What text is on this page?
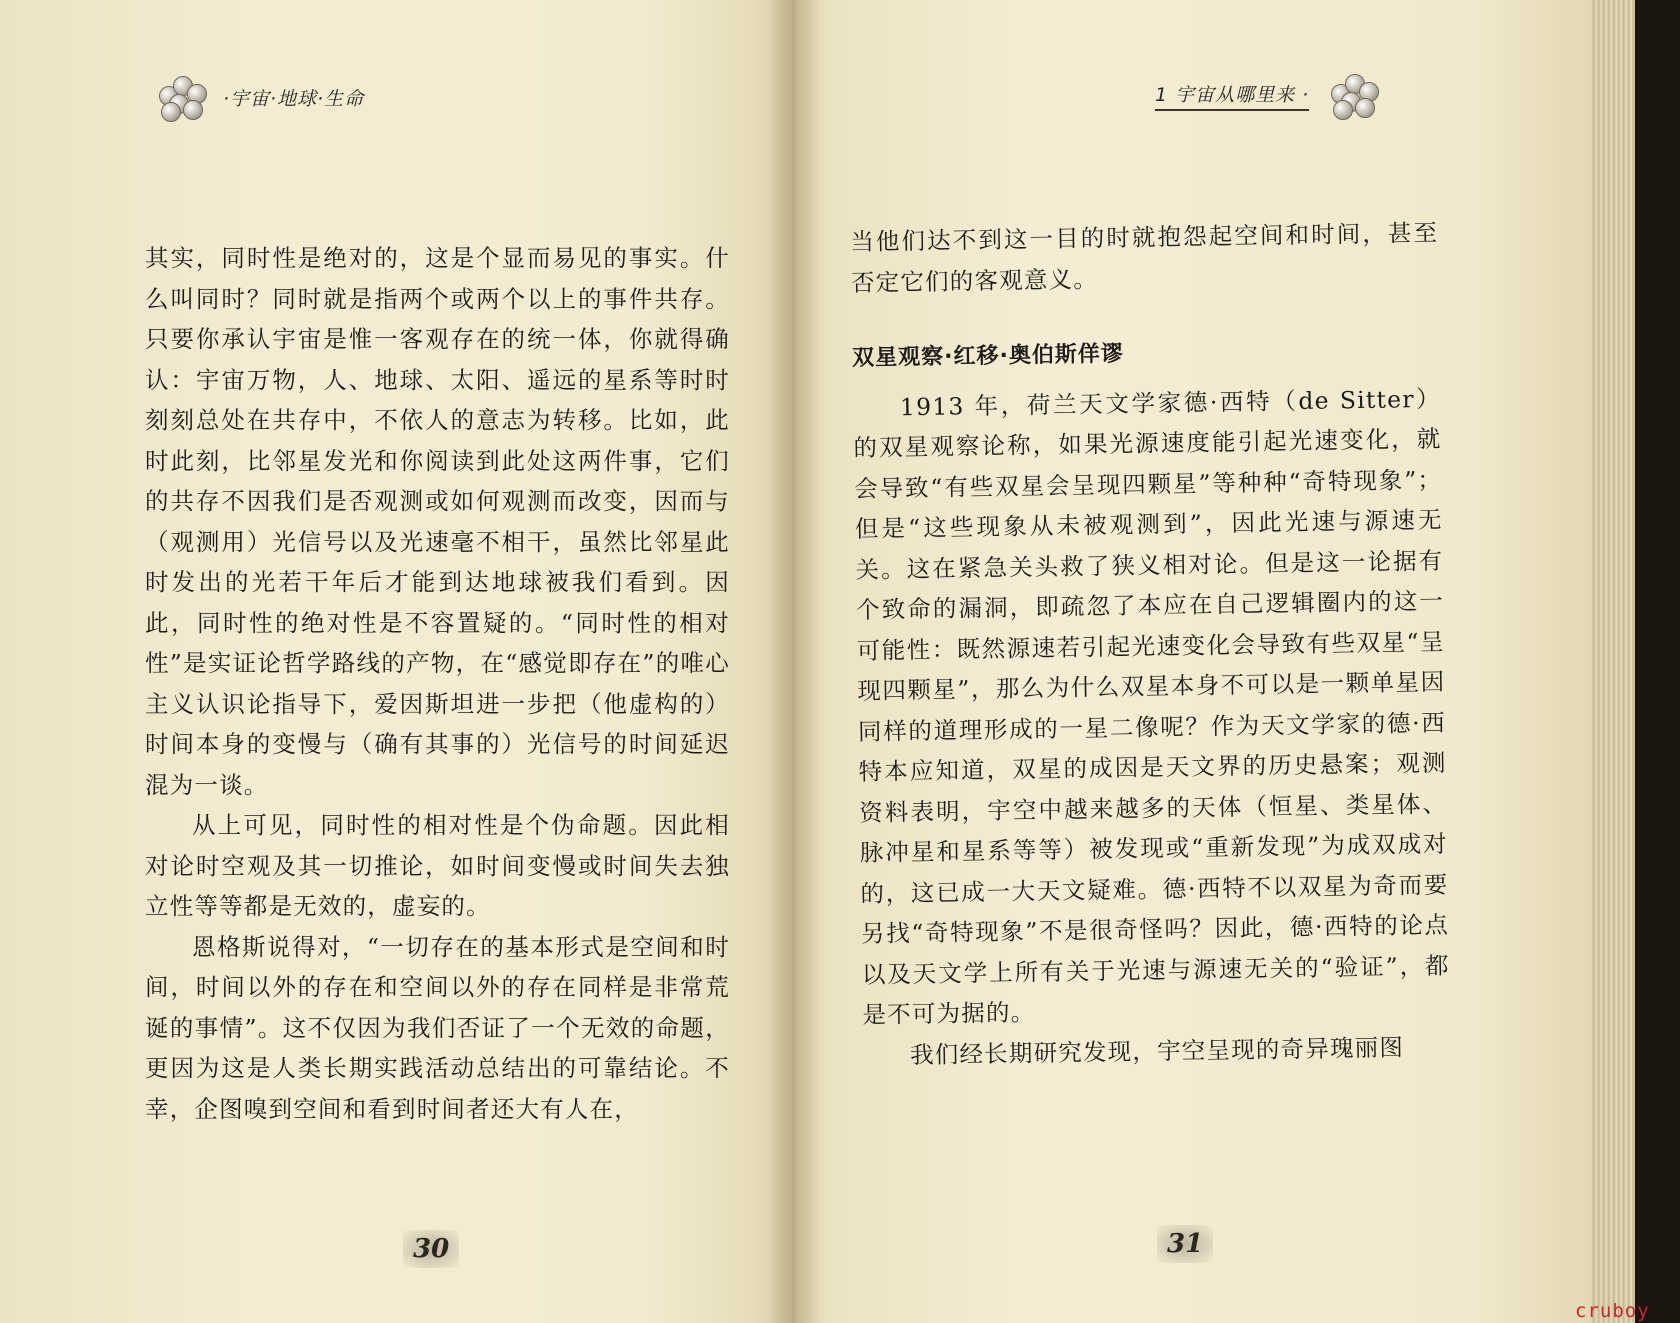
·宇宙·地球·生命	1 宇宙从哪里来 ·

其实，同时性是绝对的，这是个显而易见的事实。什么叫同时？同时就是指两个或两个以上的事件共存。只要你承认宇宙是惟一客观存在的统一体，你就得确认：宇宙万物，人、地球、太阳、遥远的星系等时时刻刻总处在共存中，不依人的意志为转移。比如，此时此刻，比邻星发光和你阅读到此处这两件事，它们的共存不因我们是否观测或如何观测而改变，因而与（观测用）光信号以及光速毫不相干，虽然比邻星此时发出的光若干年后才能到达地球被我们看到。因此，同时性的绝对性是不容置疑的。“同时性的相对性”是实证论哲学路线的产物，在“感觉即存在”的唯心主义认识论指导下，爱因斯坦进一步把（他虚构的）时间本身的变慢与（确有其事的）光信号的时间延迟混为一谈。

从上可见，同时性的相对性是个伪命题。因此相对论时空观及其一切推论，如时间变慢或时间失去独立性等等都是无效的，虚妄的。

恩格斯说得对，“一切存在的基本形式是空间和时间，时间以外的存在和空间以外的存在同样是非常荒诞的事情”。这不仅因为我们否证了一个无效的命题，更因为这是人类长期实践活动总结出的可靠结论。不幸，企图嗅到空间和看到时间者还大有人在，

当他们达不到这一目的时就抱怨起空间和时间，甚至否定它们的客观意义。

双星观察·红移·奥伯斯佯谬

1913 年，荷兰天文学家德·西特（de Sitter）的双星观察论称，如果光源速度能引起光速变化，就会导致“有些双星会呈现四颗星”等种种“奇特现象”；但是“这些现象从未被观测到”，因此光速与源速无关。这在紧急关头救了狭义相对论。但是这一论据有个致命的漏洞，即疏忽了本应在自己逻辑圈内的这一可能性：既然源速若引起光速变化会导致有些双星“呈现四颗星”，那么为什么双星本身不可以是一颗单星因同样的道理形成的一星二像呢？作为天文学家的德·西特本应知道，双星的成因是天文界的历史悬案；观测资料表明，宇空中越来越多的天体（恒星、类星体、脉冲星和星系等等）被发现或“重新发现”为成双成对的，这已成一大天文疑难。德·西特不以双星为奇而要另找“奇特现象”不是很奇怪吗？因此，德·西特的论点以及天文学上所有关于光速与源速无关的“验证”，都是不可为据的。

我们经长期研究发现，宇空呈现的奇异瑰丽图

30	31
cruboy
